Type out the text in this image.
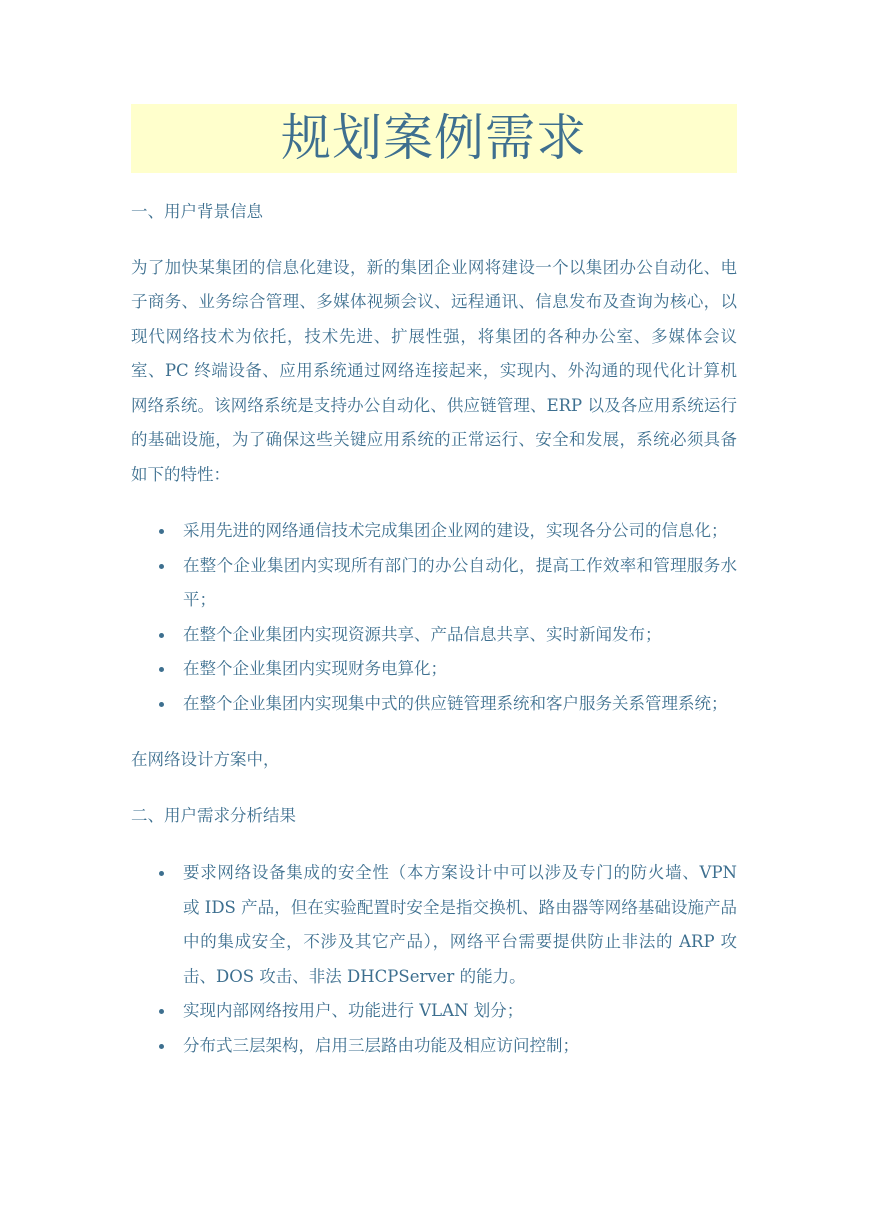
规划案例需求

一、用户背景信息

为了加快某集团的信息化建设，新的集团企业网将建设一个以集团办公自动化、电子商务、业务综合管理、多媒体视频会议、远程通讯、信息发布及查询为核心，以现代网络技术为依托，技术先进、扩展性强，将集团的各种办公室、多媒体会议室、PC 终端设备、应用系统通过网络连接起来，实现内、外沟通的现代化计算机网络系统。该网络系统是支持办公自动化、供应链管理、ERP 以及各应用系统运行的基础设施，为了确保这些关键应用系统的正常运行、安全和发展，系统必须具备如下的特性：

采用先进的网络通信技术完成集团企业网的建设，实现各分公司的信息化；
在整个企业集团内实现所有部门的办公自动化，提高工作效率和管理服务水平；
在整个企业集团内实现资源共享、产品信息共享、实时新闻发布；
在整个企业集团内实现财务电算化；
在整个企业集团内实现集中式的供应链管理系统和客户服务关系管理系统；

在网络设计方案中，

二、用户需求分析结果

要求网络设备集成的安全性（本方案设计中可以涉及专门的防火墙、VPN 或 IDS 产品，但在实验配置时安全是指交换机、路由器等网络基础设施产品中的集成安全，不涉及其它产品），网络平台需要提供防止非法的 ARP 攻击、DOS 攻击、非法 DHCPServer 的能力。
实现内部网络按用户、功能进行 VLAN 划分；
分布式三层架构，启用三层路由功能及相应访问控制；
